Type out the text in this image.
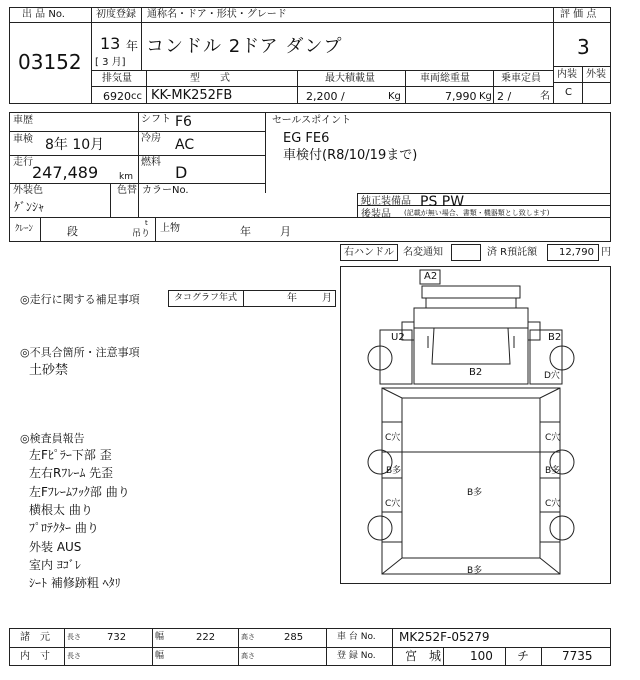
出 品 No.
03152
初度登録 通称名・ドア・形状・グレード
13 年
[ 3 月]
コンドル 2ドア ダンプ
評 価 点
3
内装 外装
C
排気量	型　　式	最大積載量	車両総重量	乗車定員
6920 cc KK-MK252FB	2,200 /	Kg	7,990 Kg 2 /	名
車歴	シフト F6
車検 8年 10月	冷房 AC
走行
247,489 km
燃料
D
外装色
ｹﾞﾝｼｬ
色替 カラーNo.
セールスポイント
EG FE6
車検付(R8/10/19まで)
純正装備品 PS PW
後装品 (記載が無い場合、書類・機器類とし致します)
ｸﾚｰﾝ	段
t
吊り 上物	年	月
右ハンドル 名変通知	済 R預託額 12,790 円
◎走行に関する補足事項	タコグラフ年式	年	月
◎不具合箇所・注意事項
土砂禁
◎検査員報告
左Fﾋﾟﾗｰ下部 歪
左右Rﾌﾚｰﾑ 先歪
左Fﾌﾚｰﾑﾌｯｸ部 曲り
横根太 曲り
ﾌﾟﾛﾃｸﾀｰ 曲り
外装 AUS
室内 ﾖｺﾞﾚ
ｼｰﾄ 補修跡粗 ﾍﾀﾘ
A2
U2	B2
B2	D穴
C穴	C穴
B多	B多
B多
C穴	C穴
B多
諸　元 長さ	732	幅	222	高さ	285	車 台 No. MK252F-05279
内　寸 長さ	幅	高さ	登 録 No. 宮　城 100 チ	7735
